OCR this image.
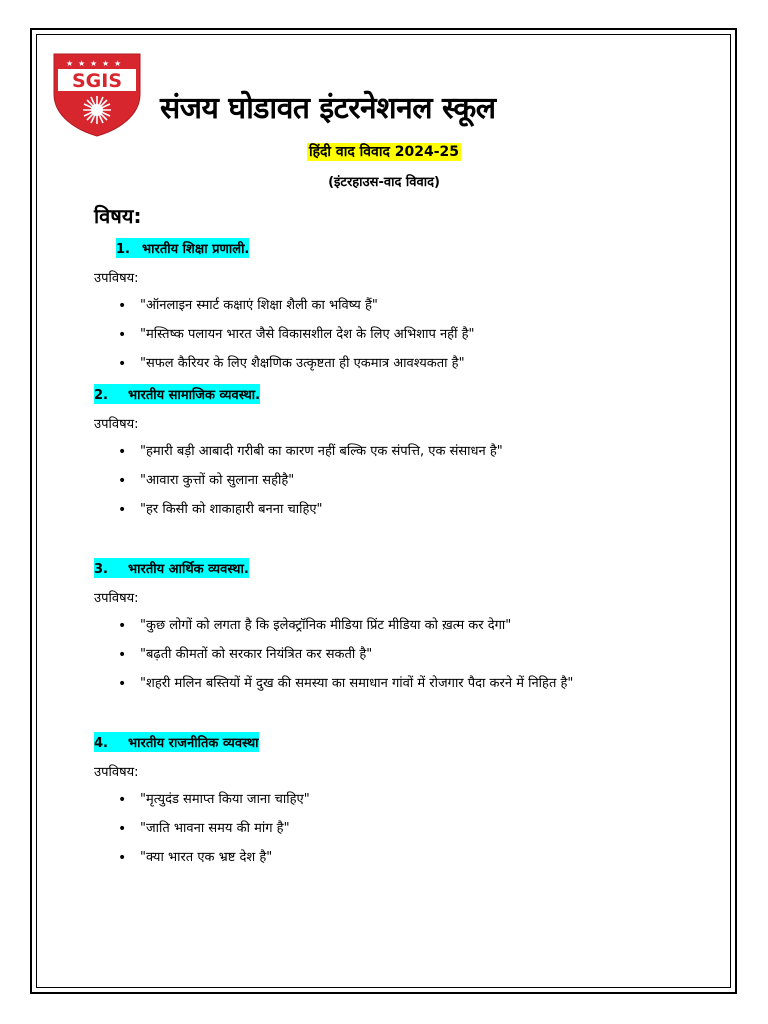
★ ★ ★ ★ ★
SGIS
संजय घोडावत इंटरनेशनल स्कूल
हिंदी वाद विवाद 2024-25
(इंटरहाउस-वाद विवाद)
विषय:
1. भारतीय शिक्षा प्रणाली.
उपविषय:
• "ऑनलाइन स्मार्ट कक्षाएं शिक्षा शैली का भविष्य हैं"
• "मस्तिष्क पलायन भारत जैसे विकासशील देश के लिए अभिशाप नहीं है"
• "सफल कैरियर के लिए शैक्षणिक उत्कृष्टता ही एकमात्र आवश्यकता है"
2. भारतीय सामाजिक व्यवस्था.
उपविषय:
• "हमारी बड़ी आबादी गरीबी का कारण नहीं बल्कि एक संपत्ति, एक संसाधन है"
• "आवारा कुत्तों को सुलाना सहीहै"
• "हर किसी को शाकाहारी बनना चाहिए"
3. भारतीय आर्थिक व्यवस्था.
उपविषय:
• "कुछ लोगों को लगता है कि इलेक्ट्रॉनिक मीडिया प्रिंट मीडिया को ख़त्म कर देगा"
• "बढ़ती कीमतों को सरकार नियंत्रित कर सकती है"
• "शहरी मलिन बस्तियों में दुख की समस्या का समाधान गांवों में रोजगार पैदा करने में निहित है"
4. भारतीय राजनीतिक व्यवस्था
उपविषय:
• "मृत्युदंड समाप्त किया जाना चाहिए"
• "जाति भावना समय की मांग है"
• "क्या भारत एक भ्रष्ट देश है"
